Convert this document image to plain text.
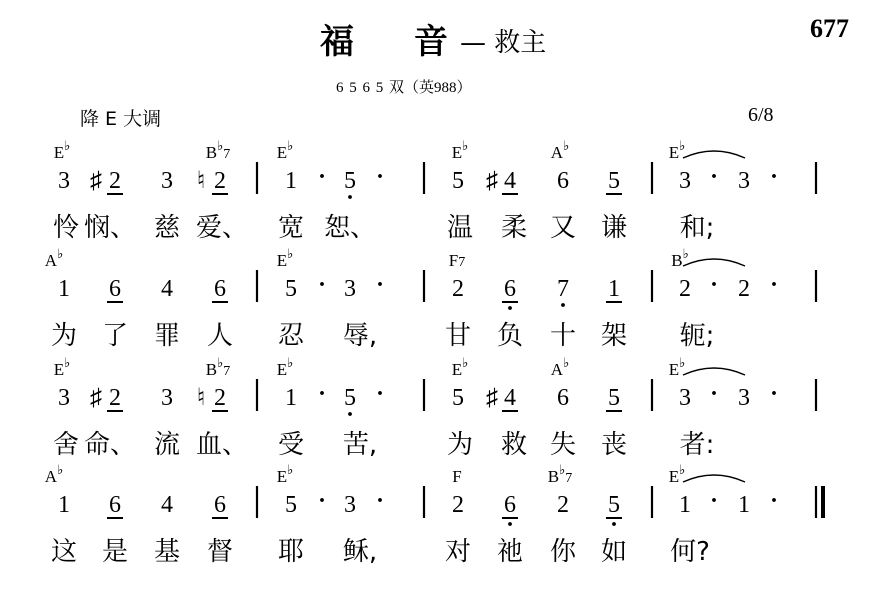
福 音
— 救主	677
6 5 6 5 双（英988）
降 E 大调	6/8
E♭	$B^♭_7$	E♭	E♭	A♭	E♭
3 ♯ 2 3 ♮ 2 1 · 5 ·	5 ♯ 4 6 5 3 · 3 ·
怜 悯、 慈 爱、 宽 恕、	温 柔 又 谦 和;
A♭	E♭	F7	B♭
1 6 4 6 5 · 3 ·	2 6 7 1 2 · 2 ·
为 了 罪 人 忍 辱,	甘 负 十 架 轭;
E♭	$B^♭_7$	E♭	E♭	A♭	E♭
3 ♯ 2 3 ♮ 2 1 · 5 ·	5 ♯ 4 6 5 3 · 3 ·
舍 命、 流 血、 受 苦,	为 救 失 丧 者:
A♭	E♭	F	$B^♭_7$	E♭
1 6 4 6 5 · 3 ·	2 6 2 5 1 · 1 ·
这 是 基 督 耶 稣,	对 祂 你 如 何?
